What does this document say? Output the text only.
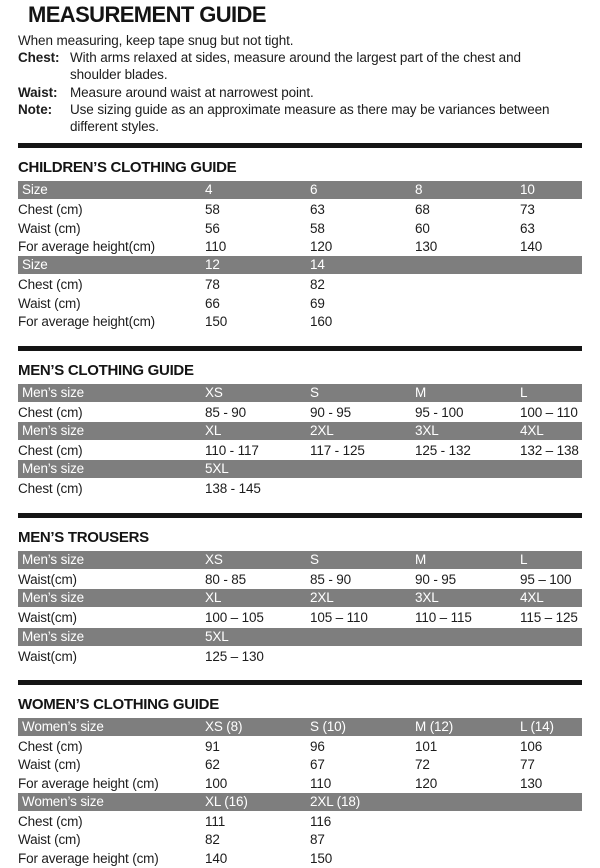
MEASUREMENT GUIDE

When measuring, keep tape snug but not tight.

Chest: With arms relaxed at sides, measure around the largest part of the chest and shoulder blades.
Waist: Measure around waist at narrowest point.
Note:	Use sizing guide as an approximate measure as there may be variances between different styles.
CHILDREN’S CLOTHING GUIDE
Size	4	6	8	10
Chest (cm)	58	63	68	73
Waist (cm)	56	58	60	63
For average height(cm)	110	120	130	140
Size	12	14
Chest (cm)	78	82
Waist (cm)	66	69
For average height(cm)	150	160
MEN’S CLOTHING GUIDE
Men’s size	XS	S	M	L
Chest (cm)	85 - 90	90 - 95	95 - 100	100 – 110
Men’s size	XL	2XL	3XL	4XL
Chest (cm)	110 - 117	117 - 125	125 - 132	132 – 138
Men’s size	5XL
Chest (cm)	138 - 145
MEN’S TROUSERS
Men’s size	XS	S	M	L
Waist(cm)	80 - 85	85 - 90	90 - 95	95 – 100
Men’s size	XL	2XL	3XL	4XL
Waist(cm)	100 – 105	105 – 110	110 – 115	115 – 125
Men’s size	5XL
Waist(cm)	125 – 130
WOMEN’S CLOTHING GUIDE
Women’s size	XS (8)	S (10)	M (12)	L (14)
Chest (cm)	91	96	101	106
Waist (cm)	62	67	72	77
For average height (cm)	100	110	120	130
Women’s size	XL (16)	2XL (18)
Chest (cm)	111	116
Waist (cm)	82	87
For average height (cm)	140	150
